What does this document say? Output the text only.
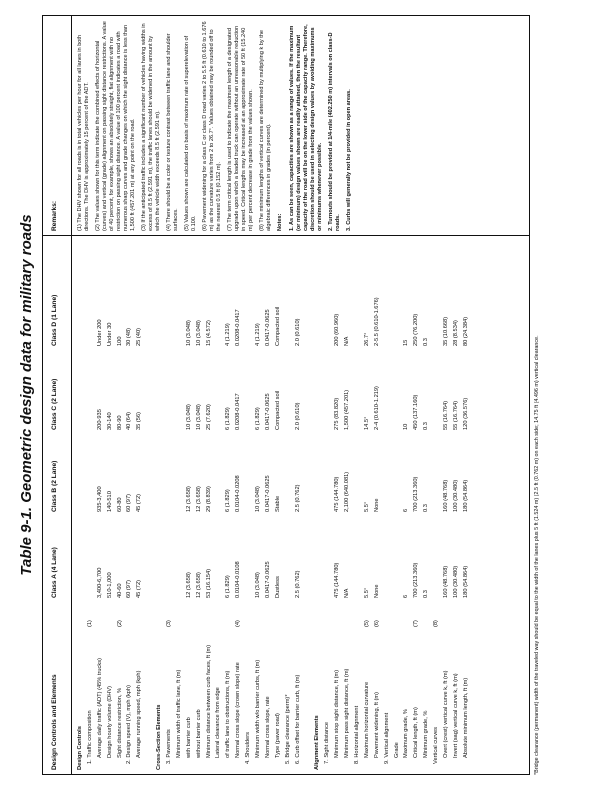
Table 9-1. Geometric design data for military roads
Design Controls and Elements
Class A (4 Lane)
Class B (2 Lane)
Class C (2 Lane)
Class D (1 Lane)
Remarks:
Design Controls 1. Traffic composition
(1)
Average daily traffic (ADT) (45% trucks)
3,400-6,700
935-3,400
200-935
Under 200
Design hourly volume (DHV)
510-1,000
140-510
30-140
Under 30
Sight distance restriction, %
(2)
40-60
60-80
80-90
100
2. Design speed (V), mph (kph)
60 (97)
60 (97)
40 (64)
30 (48)
Average running speed, mph (kph)
45 (72)
45 (72)
35 (56)
25 (40)
Cross-Section Elements 3. Pavements
(3)
Minimum width of traffic lane, ft (m) with barrier curb
12 (3.658)
12 (3.658)
10 (3.048)
10 (3.048)
without barrier curb
12 (3.658)
12 (3.658)
10 (3.048)
10 (3.048)
Minimum distance between curb faces, ft (m)
53 (16.154)
29 (8.839)
25 (7.620)
15 (4.572)
Lateral clearance from edge of traffic lane to obstructions, ft (m)
6 (1.829)
6 (1.829)
6 (1.829)
4 (1.219)
Normal cross slope (crown slope) rate
(4)
0.0104-0.0108
0.0104-0.0208
0.0208-0.0417
0.0208-0.0417
4. Shoulders Minimum width w/o barrier curbs, ft (m)
10 (3.048)
10 (3.048)
6 (1.829)
4 (1.219)
Normal cross slope, rate
0.0417-0.0625
0.0417-0.0625
0.0417-0.0625
0.0417-0.0625
Type (paver road)
Dustless
Stable
Compacted soil
Compacted soil
5. Bridge clearance (perm)* 6. Curb offset for barrier curb, ft (m)
2.5 (0.762)
2.5 (0.762)
2.0 (0.610)
2.0 (0.610)
Alignment Elements 7. Sight distance Minimum stop sight distance, ft (m)
475 (144.780)
475 (144.780)
275 (83.820)
200 (60.960)
Minimum pass sight distance, ft (m)
N/A
2,100 (640.081)
1,500 (457.201)
N/A
8. Horizontal alignment Maximum horizontal curvature
(5)
5.5°
5.5°
14.5°
26.7°
Pavement widening, ft (m)
(6)
None
None
2-4 (0.610-1.219)
2-5.5 (0.610-1.676)
9. Vertical alignment Grade Maximum grade, %
6
6
10
15
Critical length, ft (m)
(7)
700 (213.360)
700 (213.360)
450 (137.160)
250 (76.200)
Minimum grade, %
0.3
0.3
0.3
0.3
Vertical curves
(8)
Overt (crest) vertical curve k, ft (m)
160 (48.768)
160 (48.768)
55 (16.764)
35 (10.668)
Invert (sag) vertical curve k, ft (m)
100 (30.480)
100 (30.480)
55 (16.764)
28 (8.534)
Absolute minimum length, ft (m)
180 (54.864)
180 (54.864)
120 (36.576)
80 (24.384)

(1) The DHV shown for all roads is in total vehicles per hour for all lanes in both directions. The DHV is approximately 15 percent of the ADT. (2) The values shown for this term indicate the combined effects of horizontal (curves) and vertical (grade) alignment on passing sight distance restrictions. A value of 40 percent, for example, shows an absolutely straight, flat alignment with no restriction on passing sight distance. A value of 100 percent indicates a road with numerous sharp curves and grade changes on which the sight distance is less than 1,500 ft (457.201 m) at any point on the road. (3) If the anticipated traffic includes a significant number of vehicles having widths in excess of 8.5 ft (2.591 m), the traffic lanes should be widened in the amount by which the vehicle width exceeds 8.5 ft (2.591 m). (4) There should be a color or texture contrast between traffic lane and shoulder surfaces. (5) Values shown are calculated on basis of maximum rate of superelevation of 0.100. (6) Pavement widening for a class C or class D road varies 2 to 5.5 ft (0.610 to 1.676 m) as the curvature varies from 2 to 26.7°. Values obtained may be rounded off to the nearest 0.5 ft (0.152 m). (7) The term critical length is used to indicate the maximum length of a designated upgrade upon which a loaded truck can operate without an unreasonable reduction in speed. Critical lengths may be increased at an approximate rate of 50 ft (15.240 m) per percent decrease in grade from the values shown. (8) The minimum lengths of vertical curves are determined by multiplying k by the algebraic differences in grades (in percent). Notes: 1. As can be seen, capacities are shown as a range of values. If the maximum (or minimum) design values shown are readily attained, then the resultant capacity of the road will be on the lower side of the capacity range. Therefore, discretion should be used in selecting design values by avoiding maximums or minimums whenever possible. 2. Turnouts should be provided at 1/4-mile (402.250 m) intervals on class-D roads. 3. Curbs will generally not be provided in open areas.

*Bridge clearance (permanent) width of the traveled way should be equal to the width of the lanes plus 5 ft (1.524 m) (2.5 ft (0.762 m) on each side; 14.75 ft (4.496 m) vertical clearance.
